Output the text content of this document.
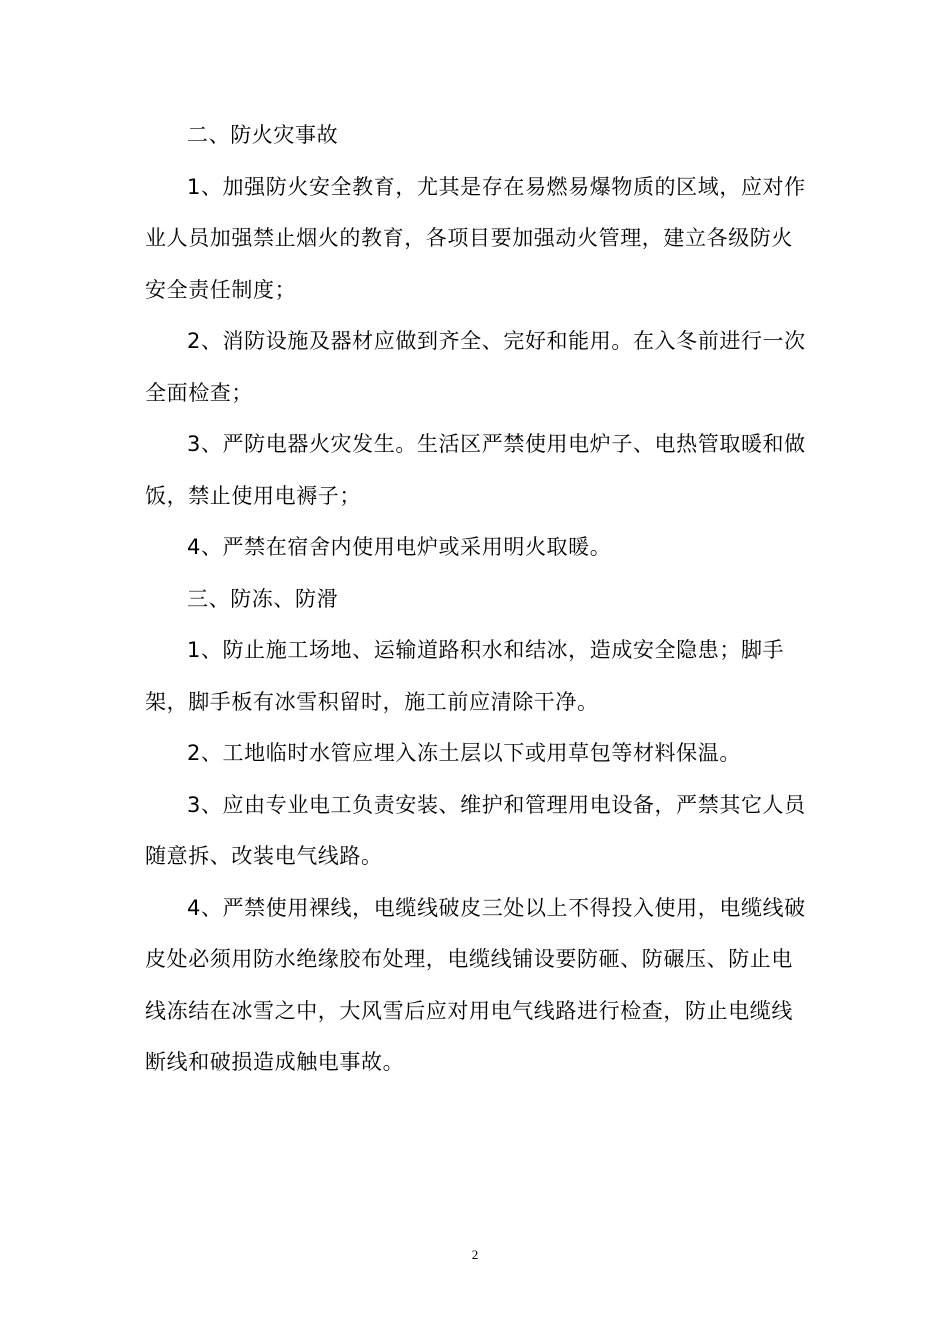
二、防火灾事故

1、加强防火安全教育，尤其是存在易燃易爆物质的区域，应对作业人员加强禁止烟火的教育，各项目要加强动火管理，建立各级防火安全责任制度；

2、消防设施及器材应做到齐全、完好和能用。在入冬前进行一次全面检查；

3、严防电器火灾发生。生活区严禁使用电炉子、电热管取暖和做饭，禁止使用电褥子；

4、严禁在宿舍内使用电炉或采用明火取暖。

三、防冻、防滑

1、防止施工场地、运输道路积水和结冰，造成安全隐患；脚手架，脚手板有冰雪积留时，施工前应清除干净。

2、工地临时水管应埋入冻土层以下或用草包等材料保温。

3、应由专业电工负责安装、维护和管理用电设备，严禁其它人员随意拆、改装电气线路。

4、严禁使用裸线，电缆线破皮三处以上不得投入使用，电缆线破皮处必须用防水绝缘胶布处理，电缆线铺设要防砸、防碾压、防止电线冻结在冰雪之中，大风雪后应对用电气线路进行检查，防止电缆线断线和破损造成触电事故。

2
